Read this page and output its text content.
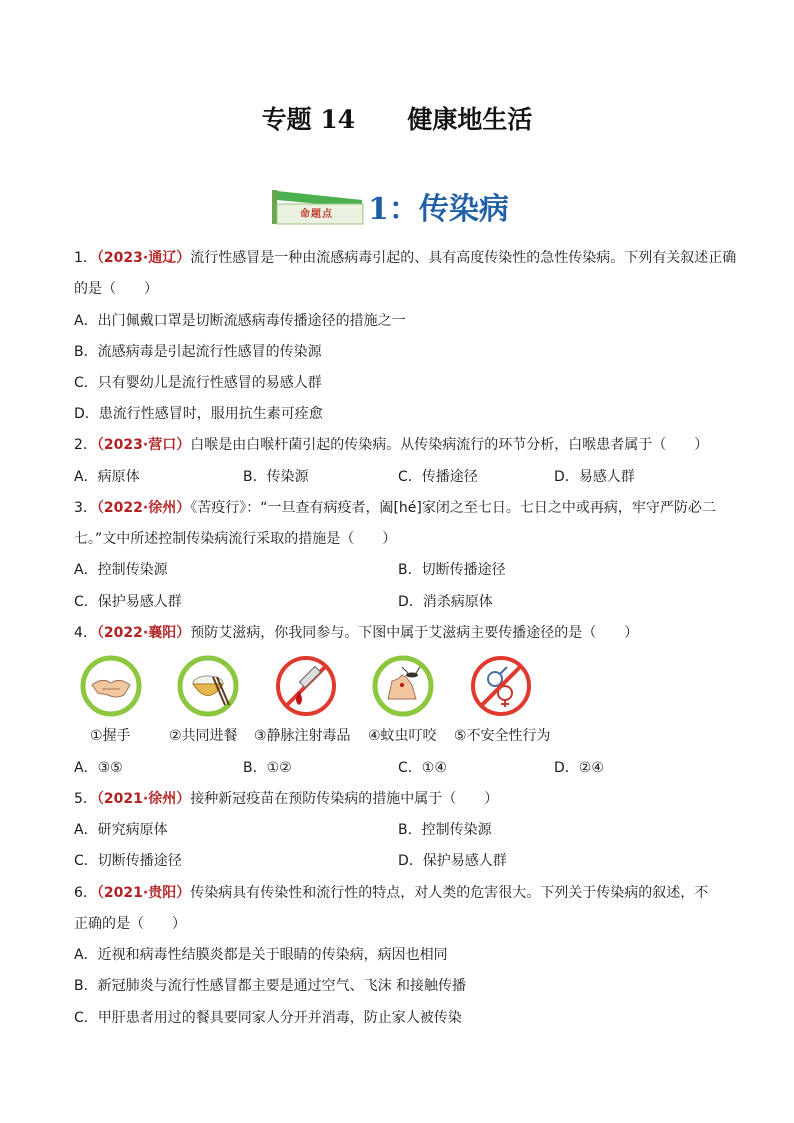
专题 14      健康地生活
命题点 1：传染病
1．（2023·通辽）流行性感冒是一种由流感病毒引起的、具有高度传染性的急性传染病。下列有关叙述正确
的是（　　）
A．出门佩戴口罩是切断流感病毒传播途径的措施之一
B．流感病毒是引起流行性感冒的传染源
C．只有婴幼儿是流行性感冒的易感人群
D．患流行性感冒时，服用抗生素可痊愈
2．（2023·营口）白喉是由白喉杆菌引起的传染病。从传染病流行的环节分析，白喉患者属于（　　）
A．病原体	B．传染源	C．传播途径	D．易感人群
3．（2022·徐州）《苦疫行》：“一旦查有病疫者，阖[hé]家闭之至七日。七日之中或再病，牢守严防必二
七。”文中所述控制传染病流行采取的措施是（　　）
A．控制传染源	B．切断传播途径
C．保护易感人群	D．消杀病原体
4．（2022·襄阳）预防艾滋病，你我同参与。下图中属于艾滋病主要传播途径的是（　　）
①握手	②共同进餐 ③静脉注射毒品 ④蚊虫叮咬 ⑤不安全性行为
A．③⑤	B．①②	C．①④	D．②④
5．（2021·徐州）接种新冠疫苗在预防传染病的措施中属于（　　）
A．研究病原体	B．控制传染源
C．切断传播途径	D．保护易感人群
6．（2021·贵阳）传染病具有传染性和流行性的特点，对人类的危害很大。下列关于传染病的叙述，不
正确的是（　　）
A．近视和病毒性结膜炎都是关于眼睛的传染病，病因也相同
B．新冠肺炎与流行性感冒都主要是通过空气、飞沫 和接触传播
C．甲肝患者用过的餐具要同家人分开并消毒，防止家人被传染
